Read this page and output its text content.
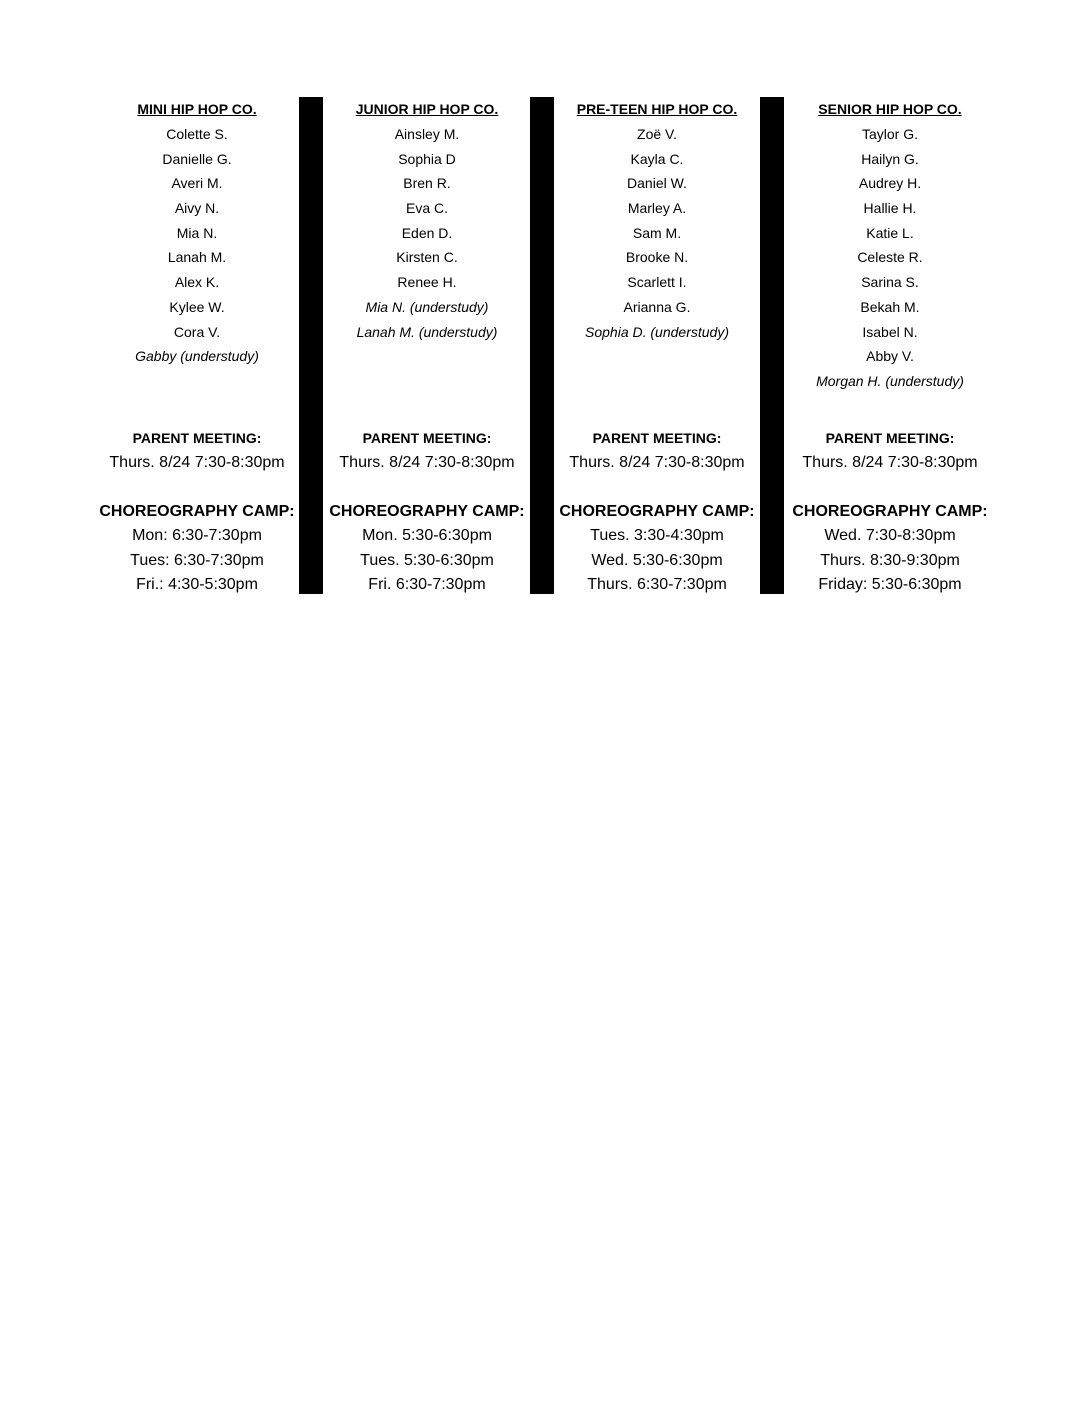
MINI HIP HOP CO.
Colette S.
Danielle G.
Averi M.
Aivy N.
Mia N.
Lanah M.
Alex K.
Kylee W.
Cora V.
Gabby (understudy)
PARENT MEETING:
Thurs. 8/24 7:30-8:30pm
CHOREOGRAPHY CAMP:
Mon: 6:30-7:30pm
Tues: 6:30-7:30pm
Fri.: 4:30-5:30pm
JUNIOR HIP HOP CO.
Ainsley M.
Sophia D
Bren R.
Eva C.
Eden D.
Kirsten C.
Renee H.
Mia N. (understudy)
Lanah M. (understudy)
PARENT MEETING:
Thurs. 8/24 7:30-8:30pm
CHOREOGRAPHY CAMP:
Mon. 5:30-6:30pm
Tues. 5:30-6:30pm
Fri. 6:30-7:30pm
PRE-TEEN HIP HOP CO.
Zoë V.
Kayla C.
Daniel W.
Marley A.
Sam M.
Brooke N.
Scarlett I.
Arianna G.
Sophia D. (understudy)
PARENT MEETING:
Thurs. 8/24 7:30-8:30pm
CHOREOGRAPHY CAMP:
Tues. 3:30-4:30pm
Wed. 5:30-6:30pm
Thurs. 6:30-7:30pm
SENIOR HIP HOP CO.
Taylor G.
Hailyn G.
Audrey H.
Hallie H.
Katie L.
Celeste R.
Sarina S.
Bekah M.
Isabel N.
Abby V.
Morgan H. (understudy)
PARENT MEETING:
Thurs. 8/24 7:30-8:30pm
CHOREOGRAPHY CAMP:
Wed. 7:30-8:30pm
Thurs. 8:30-9:30pm
Friday: 5:30-6:30pm
